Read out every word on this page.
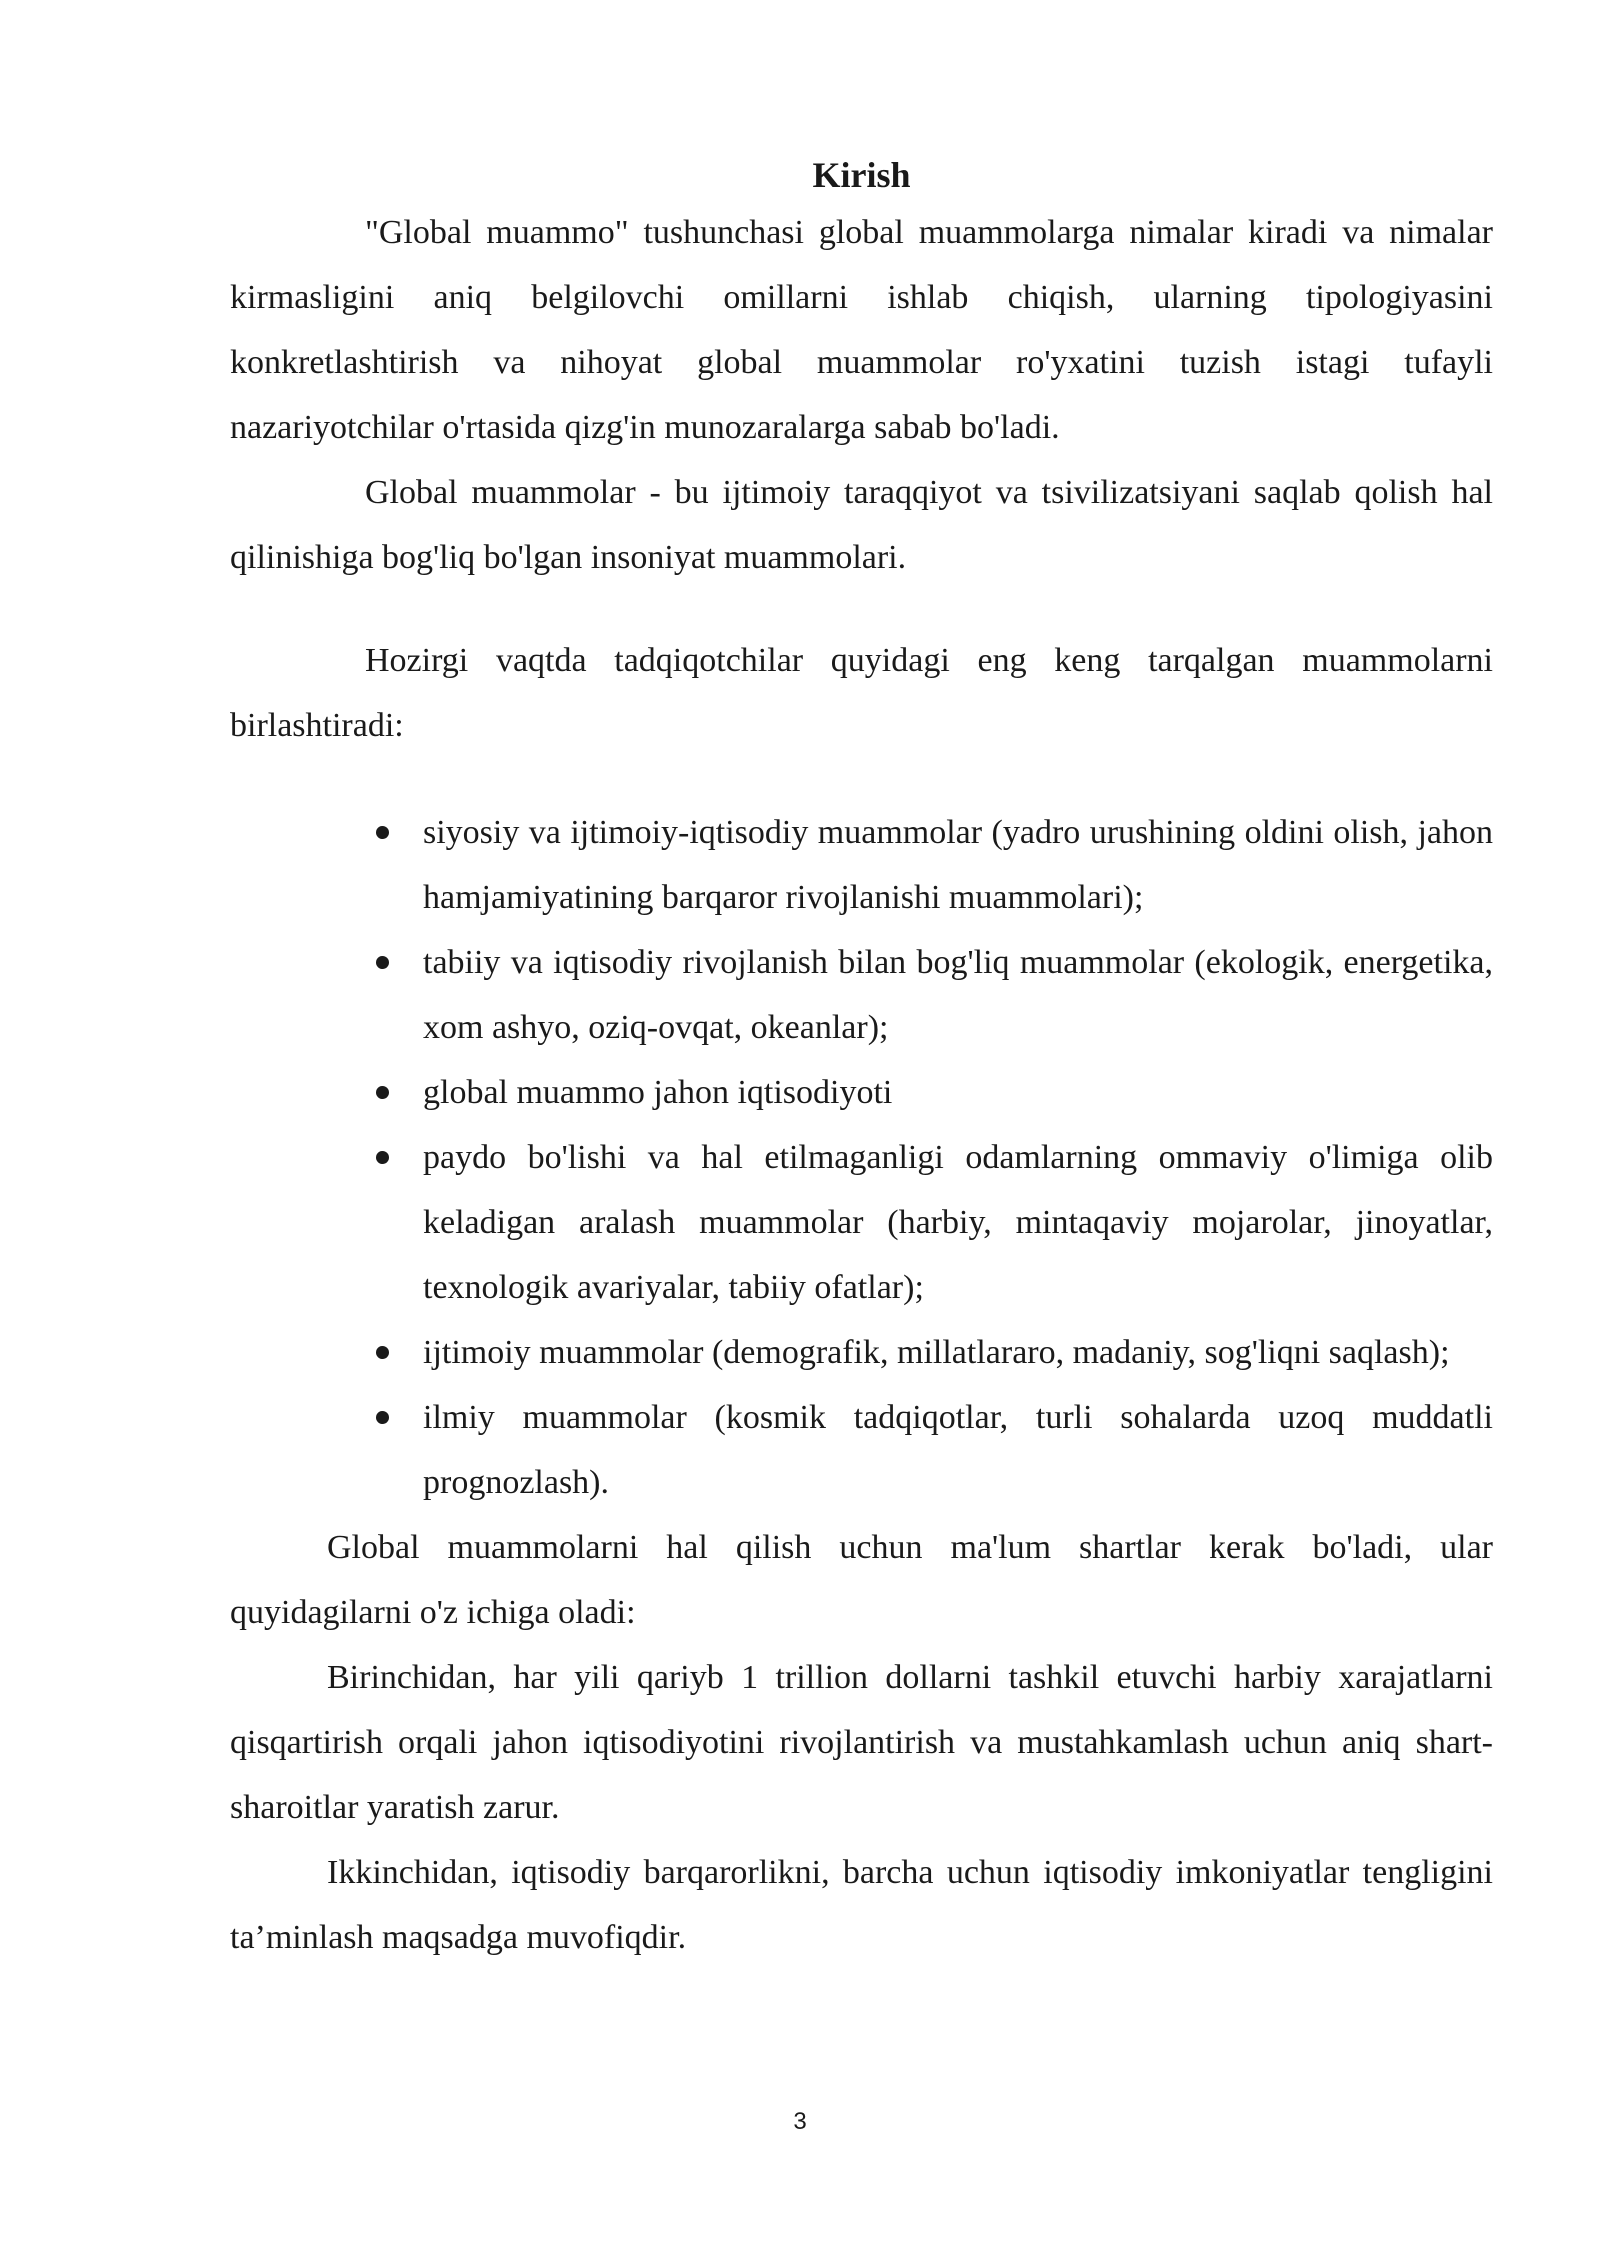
Kirish

"Global muammo" tushunchasi global muammolarga nimalar kiradi va nimalar kirmasligini aniq belgilovchi omillarni ishlab chiqish, ularning tipologiyasini konkretlashtirish va nihoyat global muammolar ro'yxatini tuzish istagi tufayli nazariyotchilar o'rtasida qizg'in munozaralarga sabab bo'ladi.

Global muammolar - bu ijtimoiy taraqqiyot va tsivilizatsiyani saqlab qolish hal qilinishiga bog'liq bo'lgan insoniyat muammolari.

Hozirgi vaqtda tadqiqotchilar quyidagi eng keng tarqalgan muammolarni birlashtiradi:

siyosiy va ijtimoiy-iqtisodiy muammolar (yadro urushining oldini olish, jahon hamjamiyatining barqaror rivojlanishi muammolari);
tabiiy va iqtisodiy rivojlanish bilan bog'liq muammolar (ekologik, energetika, xom ashyo, oziq-ovqat, okeanlar);
global muammo jahon iqtisodiyoti
paydo bo'lishi va hal etilmaganligi odamlarning ommaviy o'limiga olib keladigan aralash muammolar (harbiy, mintaqaviy mojarolar, jinoyatlar, texnologik avariyalar, tabiiy ofatlar);
ijtimoiy muammolar (demografik, millatlararo, madaniy, sog'liqni saqlash);
ilmiy muammolar (kosmik tadqiqotlar, turli sohalarda uzoq muddatli prognozlash).

Global muammolarni hal qilish uchun ma'lum shartlar kerak bo'ladi, ular quyidagilarni o'z ichiga oladi:

Birinchidan, har yili qariyb 1 trillion dollarni tashkil etuvchi harbiy xarajatlarni qisqartirish orqali jahon iqtisodiyotini rivojlantirish va mustahkamlash uchun aniq shart-sharoitlar yaratish zarur.

Ikkinchidan, iqtisodiy barqarorlikni, barcha uchun iqtisodiy imkoniyatlar tengligini ta’minlash maqsadga muvofiqdir.

3
